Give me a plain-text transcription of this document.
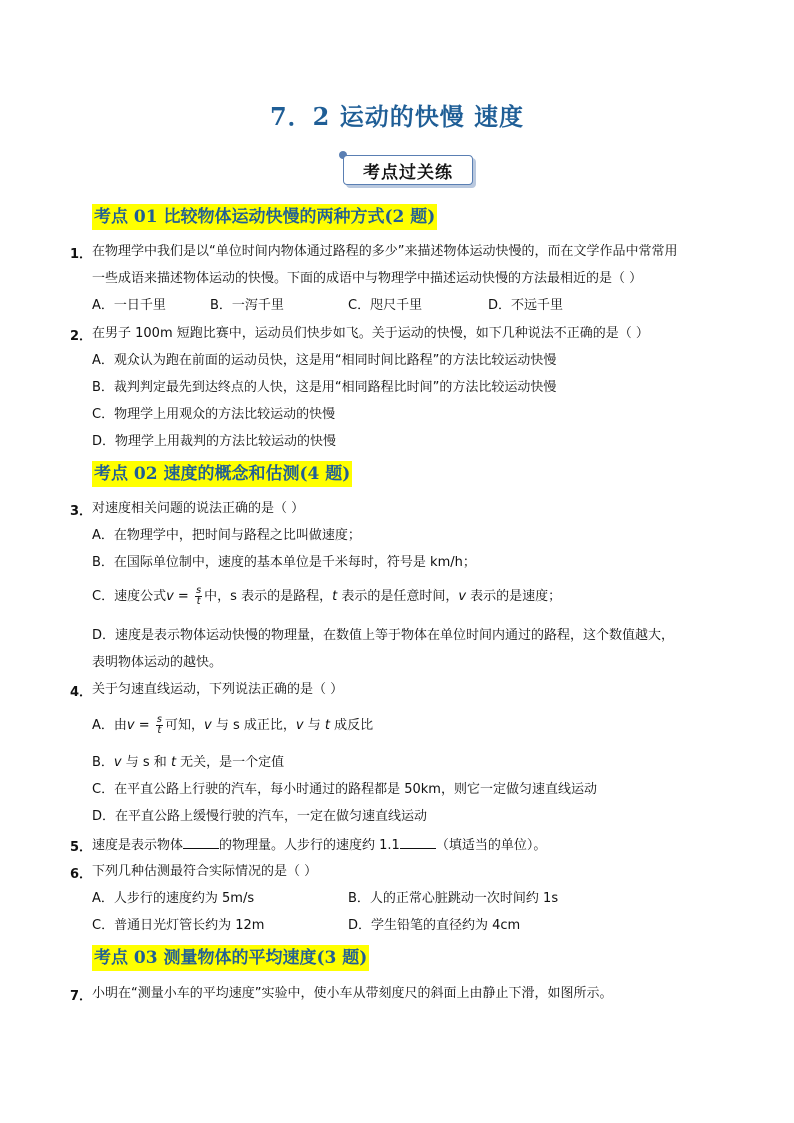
7．2 运动的快慢 速度
考点过关练
考点 01 比较物体运动快慢的两种方式(2 题)
1． 在物理学中我们是以“单位时间内物体通过路程的多少”来描述物体运动快慢的，而在文学作品中常常用
一些成语来描述物体运动的快慢。下面的成语中与物理学中描述运动快慢的方法最相近的是（ ）
A．一日千里	B．一泻千里	C．咫尺千里	D．不远千里
2． 在男子 100m 短跑比赛中，运动员们快步如飞。关于运动的快慢，如下几种说法不正确的是（ ）
A．观众认为跑在前面的运动员快，这是用“相同时间比路程”的方法比较运动快慢
B．裁判判定最先到达终点的人快，这是用“相同路程比时间”的方法比较运动快慢
C．物理学上用观众的方法比较运动的快慢
D．物理学上用裁判的方法比较运动的快慢
考点 02 速度的概念和估测(4 题)
3． 对速度相关问题的说法正确的是（ ）
A．在物理学中，把时间与路程之比叫做速度；
B．在国际单位制中，速度的基本单位是千米每时，符号是 km/h；
C．速度公式$v = \frac{s}{t}$ 中，s 表示的是路程，t 表示的是任意时间，v 表示的是速度；
D．速度是表示物体运动快慢的物理量，在数值上等于物体在单位时间内通过的路程，这个数值越大，
表明物体运动的越快。
4． 关于匀速直线运动，下列说法正确的是（ ）
A．由$v = \frac{s}{t}$ 可知，v 与 s 成正比，v 与 t 成反比
B．v 与 s 和 t 无关，是一个定值
C．在平直公路上行驶的汽车，每小时通过的路程都是 50km，则它一定做匀速直线运动
D．在平直公路上缓慢行驶的汽车，一定在做匀速直线运动
5． 速度是表示物体	的物理量。人步行的速度约 1.1	（填适当的单位）。
6． 下列几种估测最符合实际情况的是（ ）
A．人步行的速度约为 5m/s	B．人的正常心脏跳动一次时间约 1s
C．普通日光灯管长约为 12m	D．学生铅笔的直径约为 4cm
考点 03 测量物体的平均速度(3 题)
7． 小明在“测量小车的平均速度”实验中，使小车从带刻度尺的斜面上由静止下滑，如图所示。
